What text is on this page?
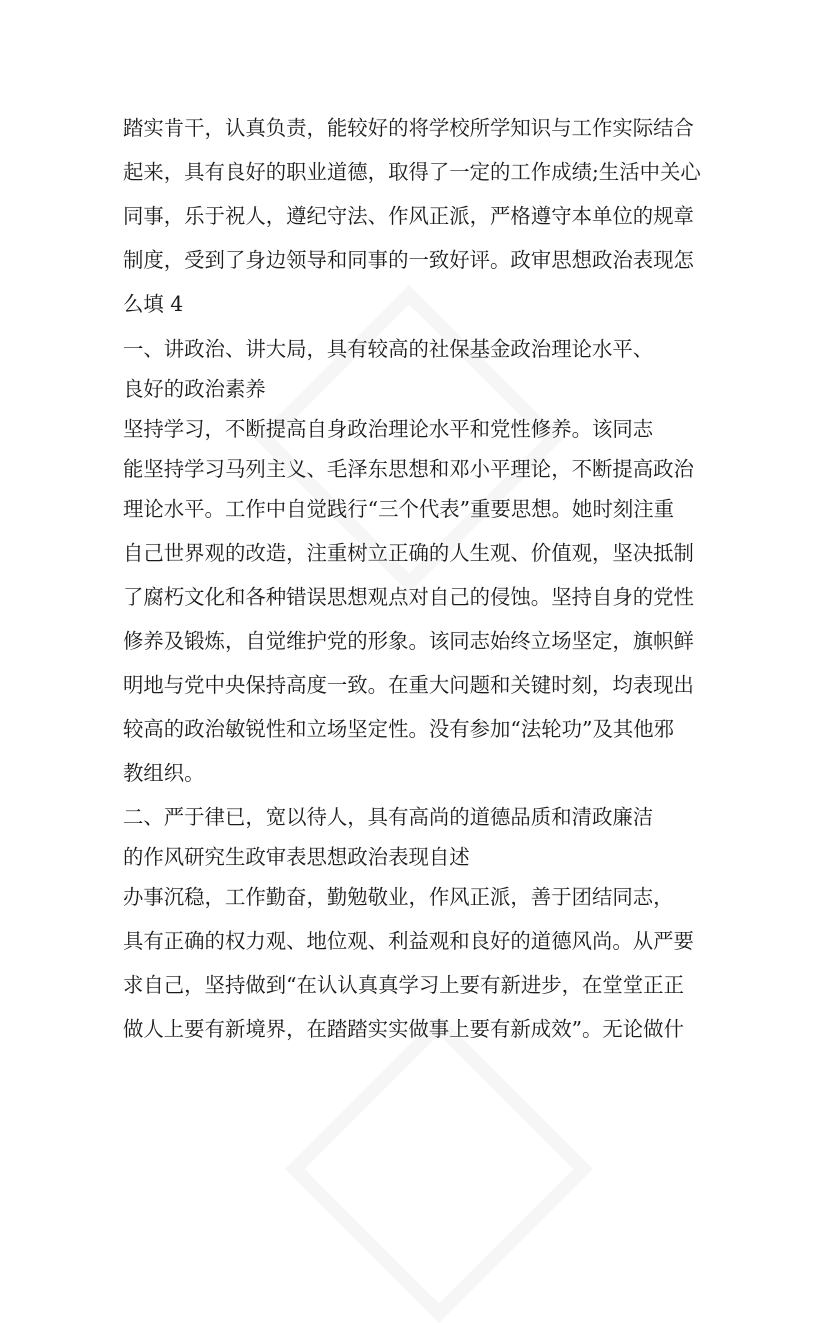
踏实肯干，认真负责，能较好的将学校所学知识与工作实际结合
起来，具有良好的职业道德，取得了一定的工作成绩;生活中关心
同事，乐于祝人，遵纪守法、作风正派，严格遵守本单位的规章
制度，受到了身边领导和同事的一致好评。政审思想政治表现怎
么填 4
一、讲政治、讲大局，具有较高的社保基金政治理论水平、
良好的政治素养
坚持学习，不断提高自身政治理论水平和党性修养。该同志
能坚持学习马列主义、毛泽东思想和邓小平理论，不断提高政治
理论水平。工作中自觉践行“三个代表”重要思想。她时刻注重
自己世界观的改造，注重树立正确的人生观、价值观，坚决抵制
了腐朽文化和各种错误思想观点对自己的侵蚀。坚持自身的党性
修养及锻炼，自觉维护党的形象。该同志始终立场坚定，旗帜鲜
明地与党中央保持高度一致。在重大问题和关键时刻，均表现出
较高的政治敏锐性和立场坚定性。没有参加“法轮功”及其他邪
教组织。
二、严于律已，宽以待人，具有高尚的道德品质和清政廉洁
的作风研究生政审表思想政治表现自述
办事沉稳，工作勤奋，勤勉敬业，作风正派，善于团结同志，
具有正确的权力观、地位观、利益观和良好的道德风尚。从严要
求自己，坚持做到“在认认真真学习上要有新进步，在堂堂正正
做人上要有新境界，在踏踏实实做事上要有新成效”。无论做什
